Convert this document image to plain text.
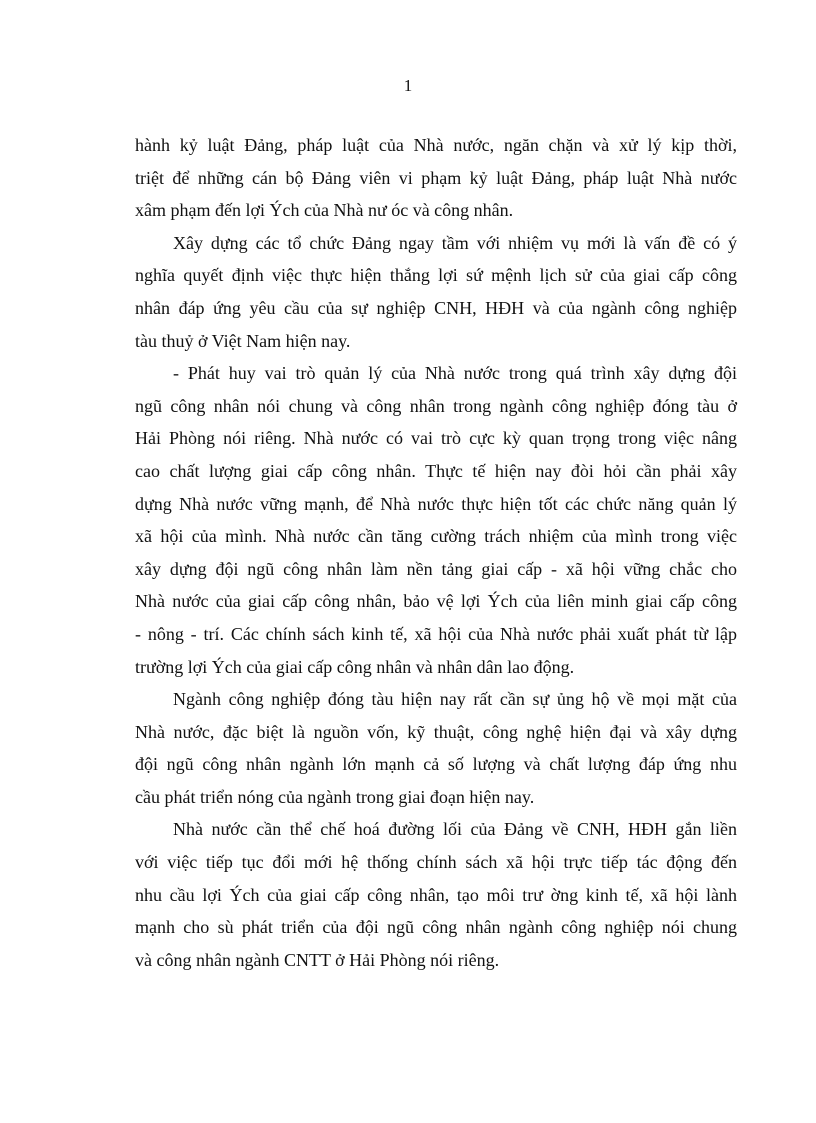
1

hành kỷ luật Đảng, pháp luật của Nhà nước, ngăn chặn và xử lý kịp thời,
triệt để những cán bộ Đảng viên vi phạm kỷ luật Đảng, pháp luật Nhà nước
xâm phạm đến lợi Ých của Nhà nư óc và công nhân.

Xây dựng các tổ chức Đảng ngay tầm với nhiệm vụ mới là vấn đề có ý
nghĩa quyết định việc thực hiện thắng lợi sứ mệnh lịch sử của giai cấp công
nhân đáp ứng yêu cầu của sự nghiệp CNH, HĐH và của ngành công nghiệp
tàu thuỷ ở Việt Nam hiện nay.

- Phát huy vai trò quản lý của Nhà nước trong quá trình xây dựng đội
ngũ công nhân nói chung và công nhân trong ngành công nghiệp đóng tàu ở
Hải Phòng nói riêng. Nhà nước có vai trò cực kỳ quan trọng trong việc nâng
cao chất lượng giai cấp công nhân. Thực tế hiện nay đòi hỏi cần phải xây
dựng Nhà nước vững mạnh, để Nhà nước thực hiện tốt các chức năng quản lý
xã hội của mình. Nhà nước cần tăng cường trách nhiệm của mình trong việc
xây dựng đội ngũ công nhân làm nền tảng giai cấp - xã hội vững chắc cho
Nhà nước của giai cấp công nhân, bảo vệ lợi Ých của liên minh giai cấp công
- nông - trí. Các chính sách kinh tế, xã hội của Nhà nước phải xuất phát từ lập
trường lợi Ých của giai cấp công nhân và nhân dân lao động.

Ngành công nghiệp đóng tàu hiện nay rất cần sự ủng hộ về mọi mặt của
Nhà nước, đặc biệt là nguồn vốn, kỹ thuật, công nghệ hiện đại và xây dựng
đội ngũ công nhân ngành lớn mạnh cả số lượng và chất lượng đáp ứng nhu
cầu phát triển nóng của ngành trong giai đoạn hiện nay.

Nhà nước cần thể chế hoá đường lối của Đảng về CNH, HĐH gắn liền
với việc tiếp tục đổi mới hệ thống chính sách xã hội trực tiếp tác động đến
nhu cầu lợi Ých của giai cấp công nhân, tạo môi trư ờng kinh tế, xã hội lành
mạnh cho sù phát triển của đội ngũ công nhân ngành công nghiệp nói chung
và công nhân ngành CNTT ở Hải Phòng nói riêng.
